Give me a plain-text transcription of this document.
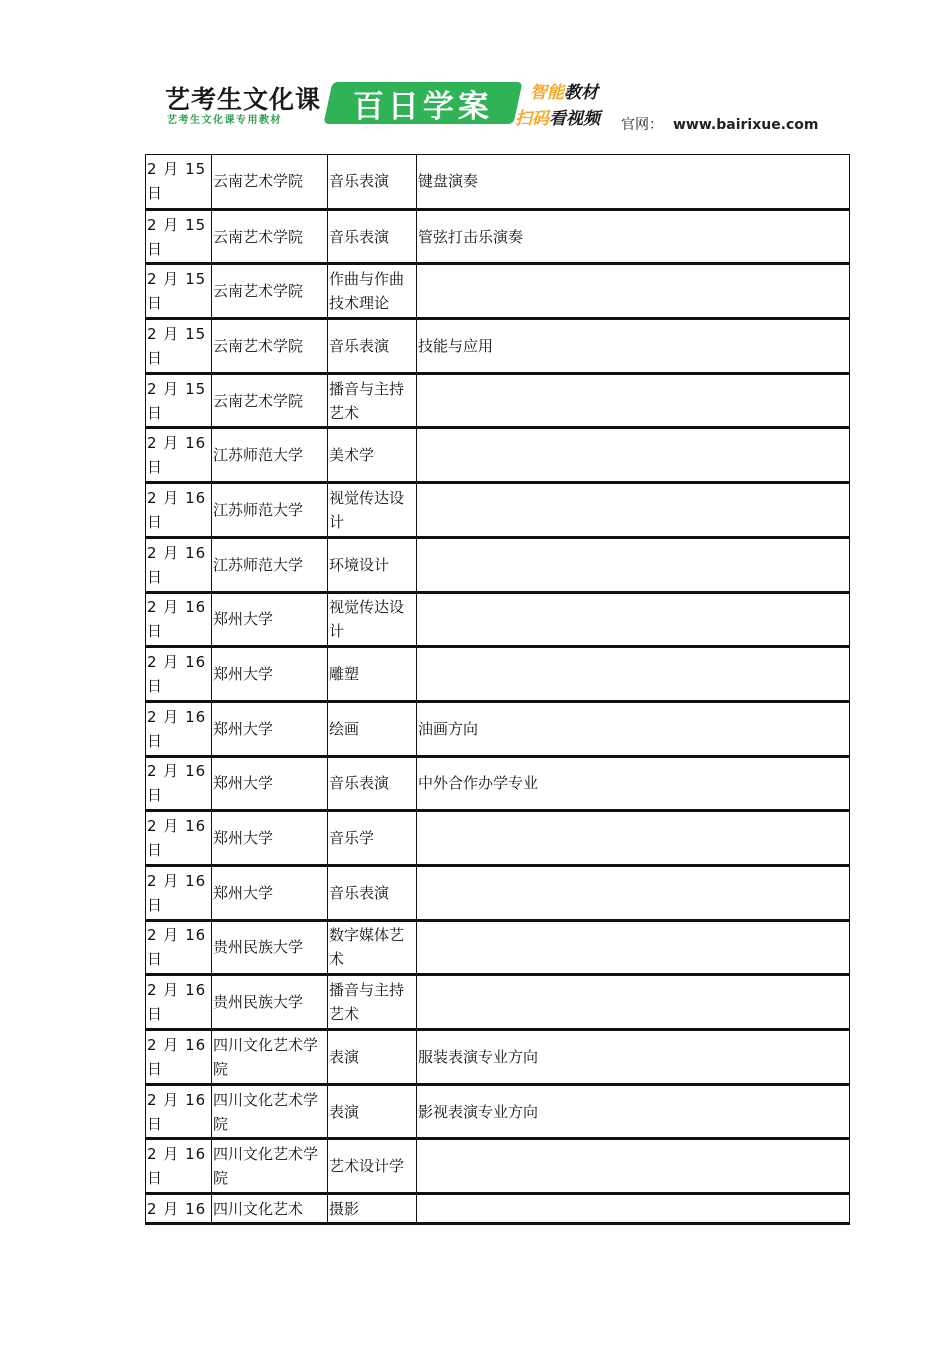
艺考生文化课
艺考生文化课专用教材 百日学案 智能教材
扫码看视频 官网： www.bairixue.com
2 月 15
日	云南艺术学院	音乐表演	键盘演奏

2 月 15
日	云南艺术学院	音乐表演	管弦打击乐演奏

2 月 15
日	云南艺术学院	作曲与作曲技术理论	

2 月 15
日	云南艺术学院	音乐表演	技能与应用

2 月 15
日	云南艺术学院	播音与主持艺术	

2 月 16
日	江苏师范大学	美术学	

2 月 16
日	江苏师范大学	视觉传达设计	

2 月 16
日	江苏师范大学	环境设计	

2 月 16
日	郑州大学	视觉传达设计	

2 月 16
日	郑州大学	雕塑	

2 月 16
日	郑州大学	绘画	油画方向

2 月 16
日	郑州大学	音乐表演	中外合作办学专业

2 月 16
日	郑州大学	音乐学	

2 月 16
日	郑州大学	音乐表演	

2 月 16
日	贵州民族大学	数字媒体艺术	

2 月 16
日	贵州民族大学	播音与主持艺术	

2 月 16
日	四川文化艺术学院	表演	服装表演专业方向

2 月 16
日	四川文化艺术学院	表演	影视表演专业方向

2 月 16
日	四川文化艺术学院	艺术设计学	

2 月 16	四川文化艺术	摄影	
